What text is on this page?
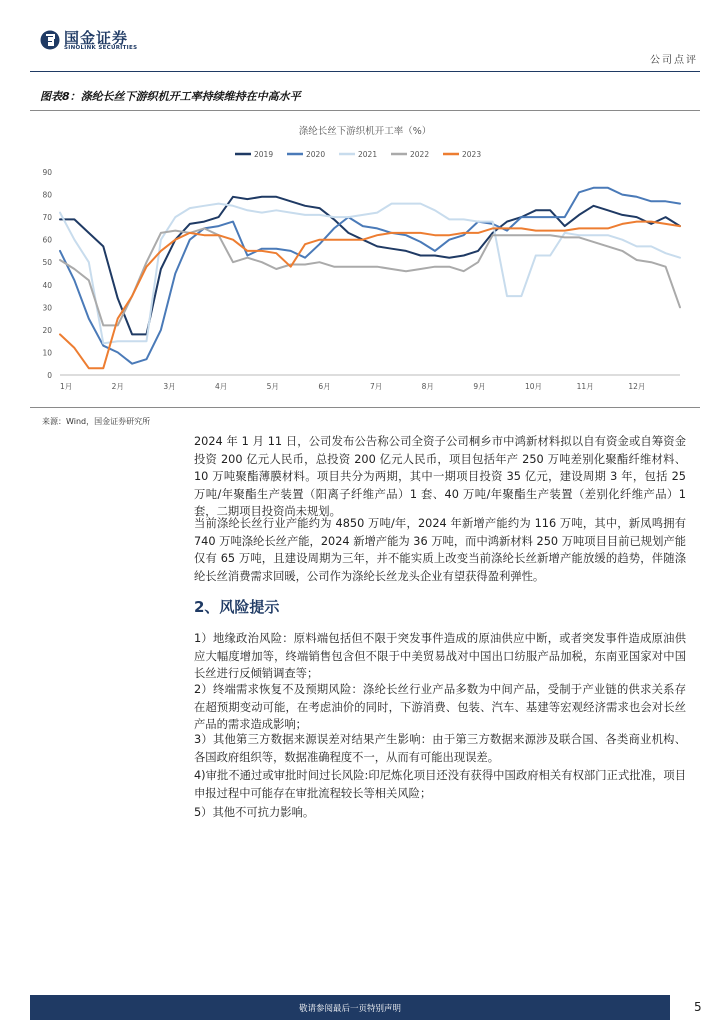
国金证券
SINOLINK SECURITIES
公司点评
图表8：涤纶长丝下游织机开工率持续维持在中高水平
涤纶长丝下游织机开工率（%）
2019	2020	2021	2022	2023
0
10
20
30
40
50
60
70
80
90
1月	2月	3月	4月	5月	6月	7月	8月	9月	10月	11月	12月
来源：Wind，国金证券研究所

2024 年 1 月 11 日，公司发布公告称公司全资子公司桐乡市中鸿新材料拟以自有资金或自筹资金投资 200 亿元人民币，总投资 200 亿元人民币，项目包括年产 250 万吨差别化聚酯纤维材料、10 万吨聚酯薄膜材料。项目共分为两期，其中一期项目投资 35 亿元，建设周期 3 年，包括 25 万吨/年聚酯生产装置（阳离子纤维产品）1 套、40 万吨/年聚酯生产装置（差别化纤维产品）1 套，二期项目投资尚未规划。

当前涤纶长丝行业产能约为 4850 万吨/年，2024 年新增产能约为 116 万吨，其中，新凤鸣拥有 740 万吨涤纶长丝产能，2024 新增产能为 36 万吨，而中鸿新材料 250 万吨项目目前已规划产能仅有 65 万吨，且建设周期为三年，并不能实质上改变当前涤纶长丝新增产能放缓的趋势，伴随涤纶长丝消费需求回暖，公司作为涤纶长丝龙头企业有望获得盈利弹性。

2、风险提示
1）地缘政治风险：原料端包括但不限于突发事件造成的原油供应中断，或者突发事件造成原油供应大幅度增加等，终端销售包含但不限于中美贸易战对中国出口纺服产品加税，东南亚国家对中国长丝进行反倾销调查等；
2）终端需求恢复不及预期风险：涤纶长丝行业产品多数为中间产品，受制于产业链的供求关系存在超预期变动可能，在考虑油价的同时，下游消费、包装、汽车、基建等宏观经济需求也会对长丝产品的需求造成影响；
3）其他第三方数据来源误差对结果产生影响：由于第三方数据来源涉及联合国、各类商业机构、各国政府组织等，数据准确程度不一，从而有可能出现误差。
4)审批不通过或审批时间过长风险:印尼炼化项目还没有获得中国政府相关有权部门正式批准，项目申报过程中可能存在审批流程较长等相关风险；
5）其他不可抗力影响。
敬请参阅最后一页特别声明	5
